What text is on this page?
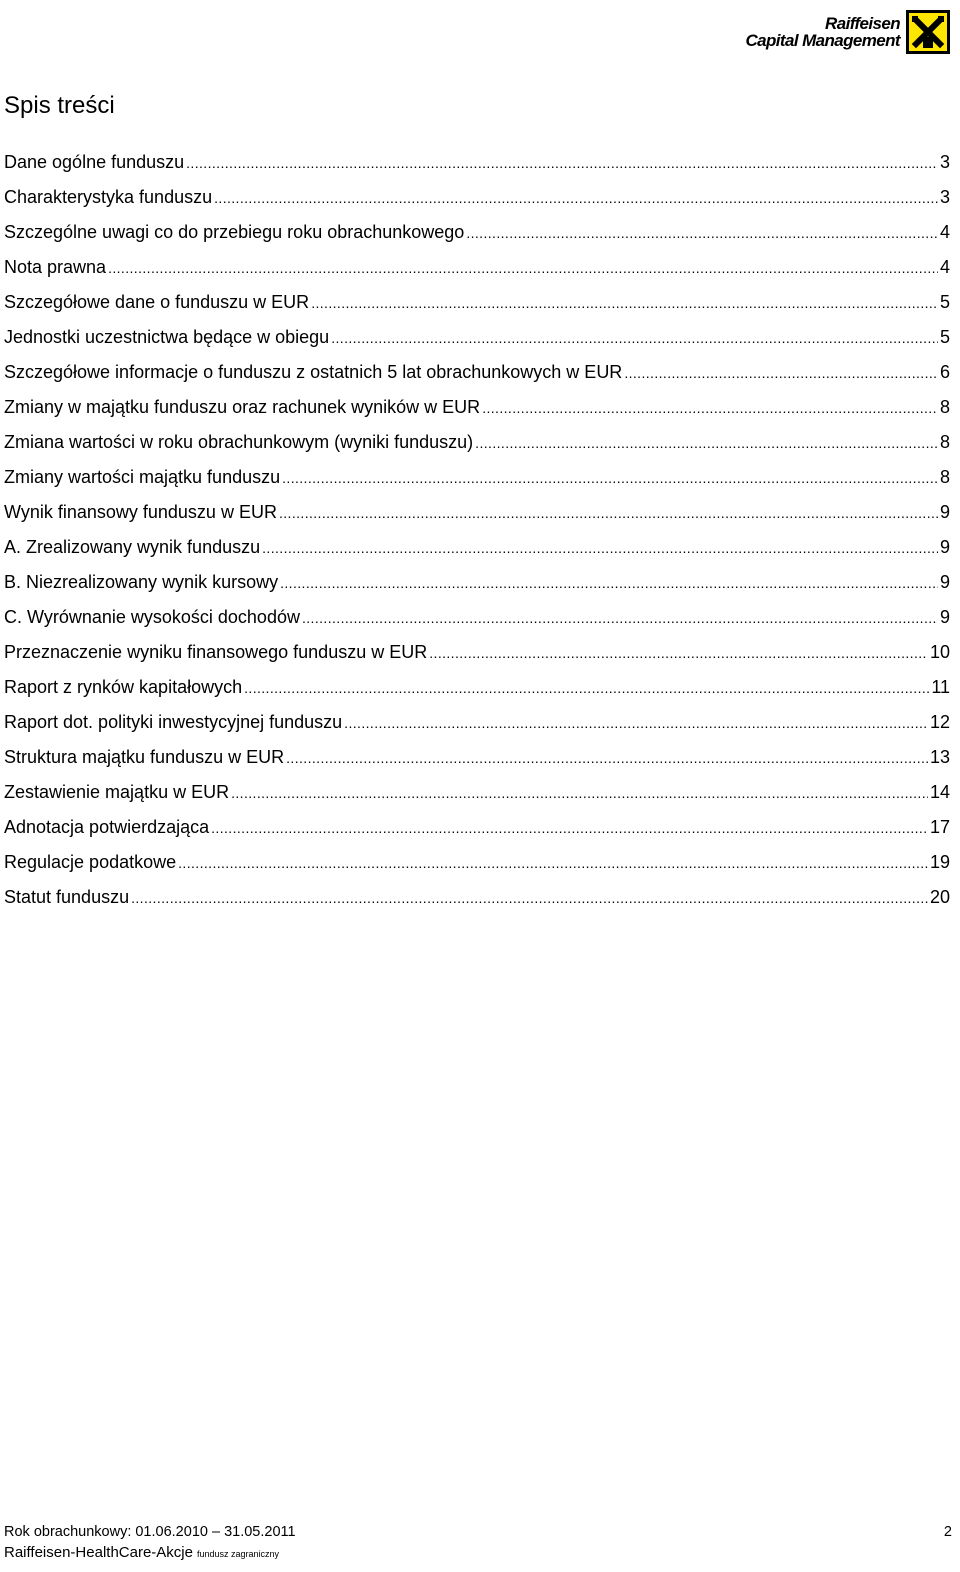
Raiffeisen
Capital Management
Spis treści
Dane ogólne funduszu .....	3
Charakterystyka funduszu .....	3
Szczególne uwagi co do przebiegu roku obrachunkowego .....	4
Nota prawna .....	4
Szczegółowe dane o funduszu w EUR .....	5
Jednostki uczestnictwa będące w obiegu .....	5
Szczegółowe informacje o funduszu z ostatnich 5 lat obrachunkowych w EUR .....	6
Zmiany w majątku funduszu oraz rachunek wyników w EUR .....	8
Zmiana wartości w roku obrachunkowym (wyniki funduszu) .....	8
Zmiany wartości majątku funduszu .....	8
Wynik finansowy funduszu w EUR .....	9
A. Zrealizowany wynik funduszu .....	9
B. Niezrealizowany wynik kursowy .....	9
C. Wyrównanie wysokości dochodów .....	9
Przeznaczenie wyniku finansowego funduszu w EUR .....	10
Raport z rynków kapitałowych .....	11
Raport dot. polityki inwestycyjnej funduszu .....	12
Struktura majątku funduszu w EUR .....	13
Zestawienie majątku w EUR .....	14
Adnotacja potwierdzająca .....	17
Regulacje podatkowe .....	19
Statut funduszu .....	20
Rok obrachunkowy: 01.06.2010 – 31.05.2011	2
Raiffeisen-HealthCare-Akcje fundusz zagraniczny
